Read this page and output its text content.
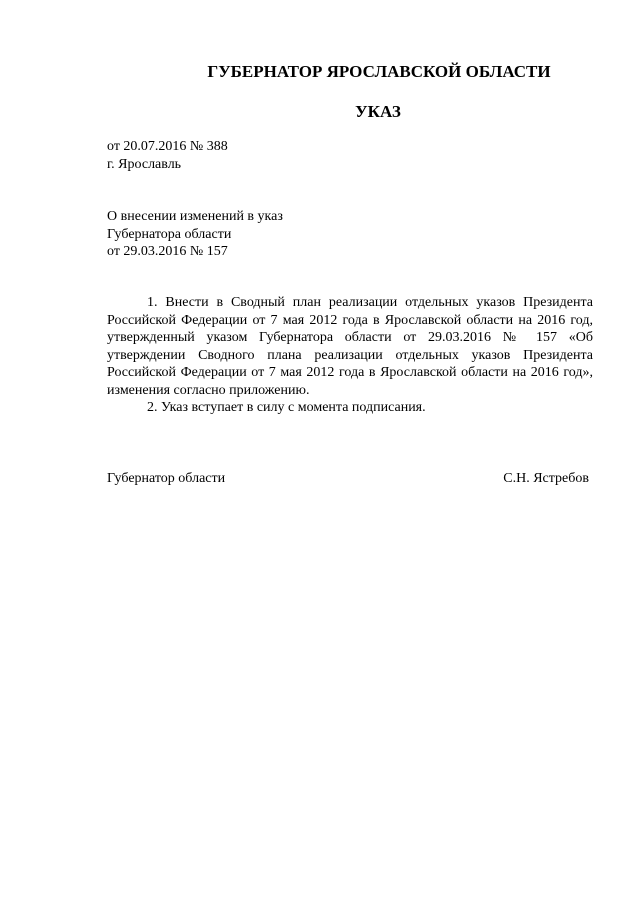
ГУБЕРНАТОР ЯРОСЛАВСКОЙ ОБЛАСТИ
УКАЗ

от 20.07.2016 № 388

г. Ярославль

О внесении изменений в указ

Губернатора области

от 29.03.2016 № 157

1. Внести в Сводный план реализации отдельных указов Президента Российской Федерации от 7 мая 2012 года в Ярославской области на 2016 год, утвержденный указом Губернатора области от 29.03.2016 № 157 «Об утверждении Сводного плана реализации отдельных указов Президента Российской Федерации от 7 мая 2012 года в Ярославской области на 2016 год», изменения согласно приложению.

2. Указ вступает в силу с момента подписания.

Губернатор области	С.Н. Ястребов
